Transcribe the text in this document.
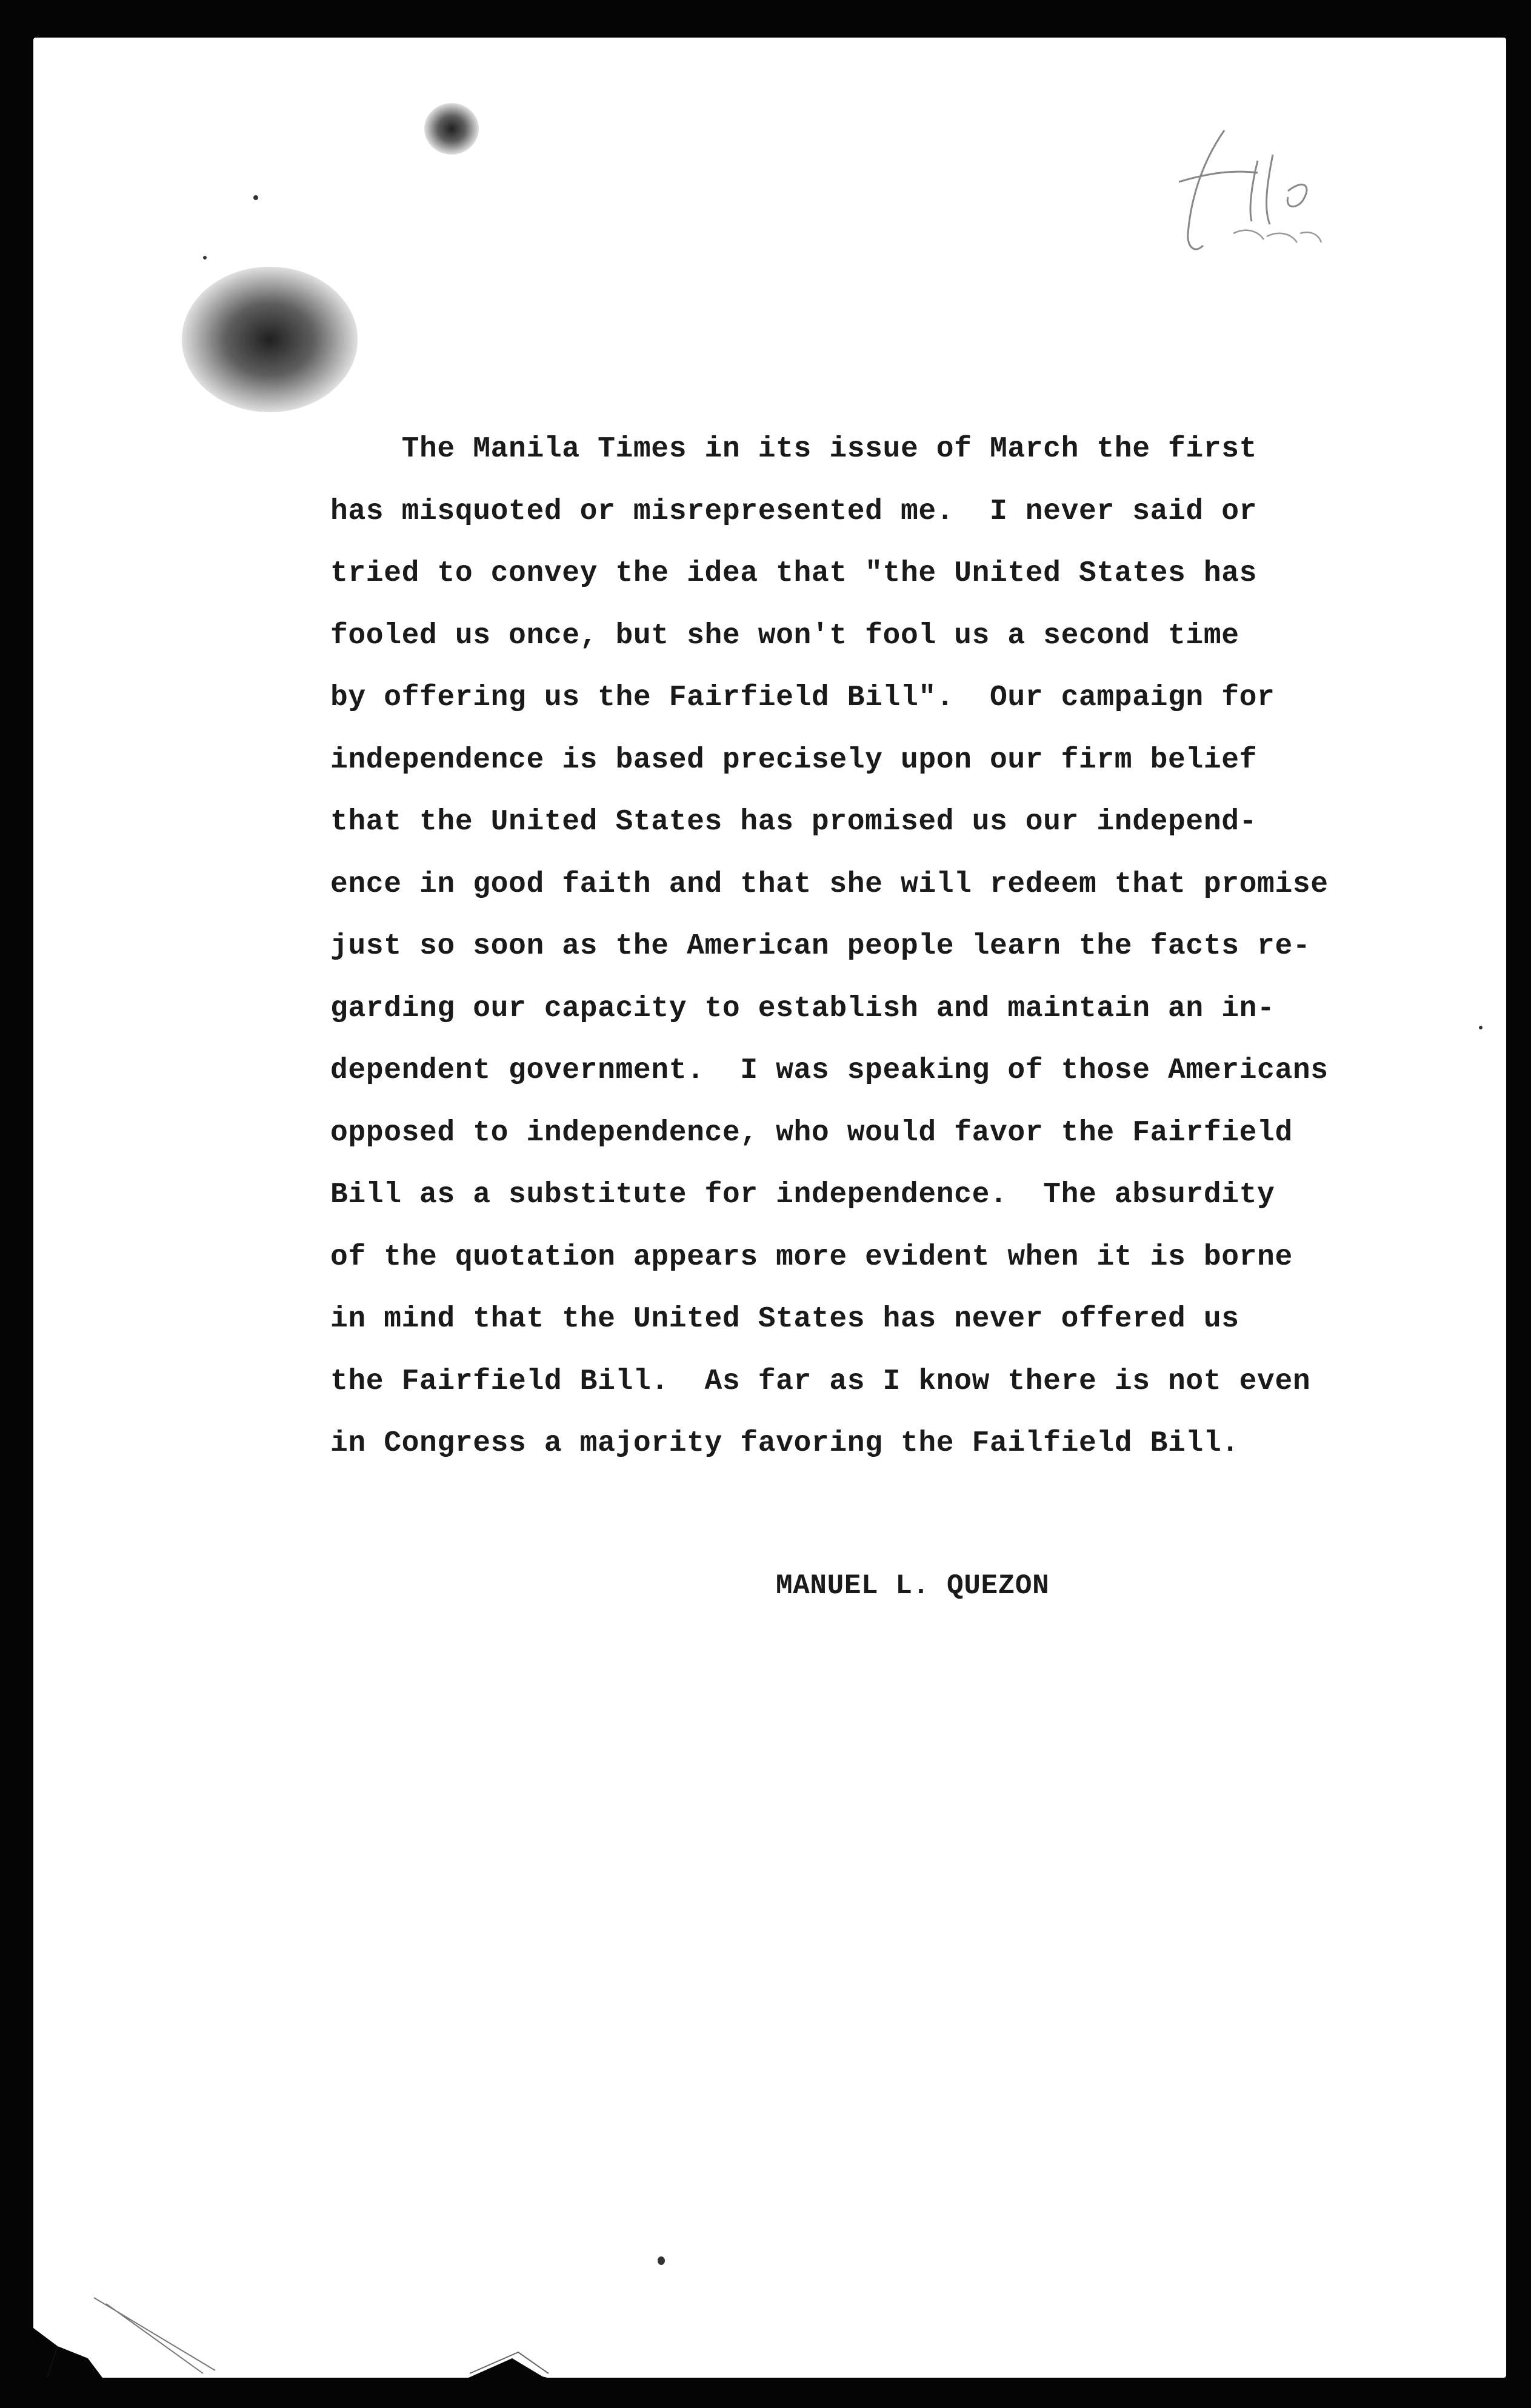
The Manila Times in its issue of March the first
has misquoted or misrepresented me.  I never said or
tried to convey the idea that "the United States has
fooled us once, but she won't fool us a second time
by offering us the Fairfield Bill".  Our campaign for
independence is based precisely upon our firm belief
that the United States has promised us our independ-
ence in good faith and that she will redeem that promise
just so soon as the American people learn the facts re-
garding our capacity to establish and maintain an in-
dependent government.  I was speaking of those Americans
opposed to independence, who would favor the Fairfield
Bill as a substitute for independence.  The absurdity
of the quotation appears more evident when it is borne
in mind that the United States has never offered us
the Fairfield Bill.  As far as I know there is not even
in Congress a majority favoring the Failfield Bill.
MANUEL L. QUEZON
